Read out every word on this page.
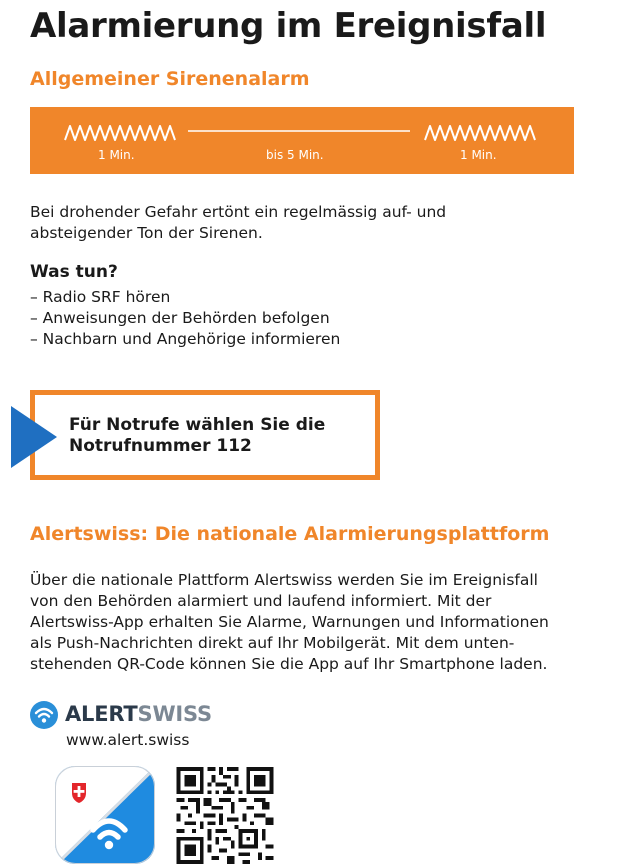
Alarmierung im Ereignisfall
Allgemeiner Sirenenalarm
1 Min.	bis 5 Min.	1 Min.

Bei drohender Gefahr ertönt ein regelmässig auf- und

absteigender Ton der Sirenen.

Was tun?
– Radio SRF hören
– Anweisungen der Behörden befolgen
– Nachbarn und Angehörige informieren
Für Notrufe wählen Sie die
Notrufnummer 112
Alertswiss: Die nationale Alarmierungsplattform

Über die nationale Plattform Alertswiss werden Sie im Ereignisfall

von den Behörden alarmiert und laufend informiert. Mit der

Alertswiss-App erhalten Sie Alarme, Warnungen und Informationen

als Push-Nachrichten direkt auf Ihr Mobilgerät. Mit dem unten-

stehenden QR-Code können Sie die App auf Ihr Smartphone laden.

ALERTSWISS
www.alert.swiss
